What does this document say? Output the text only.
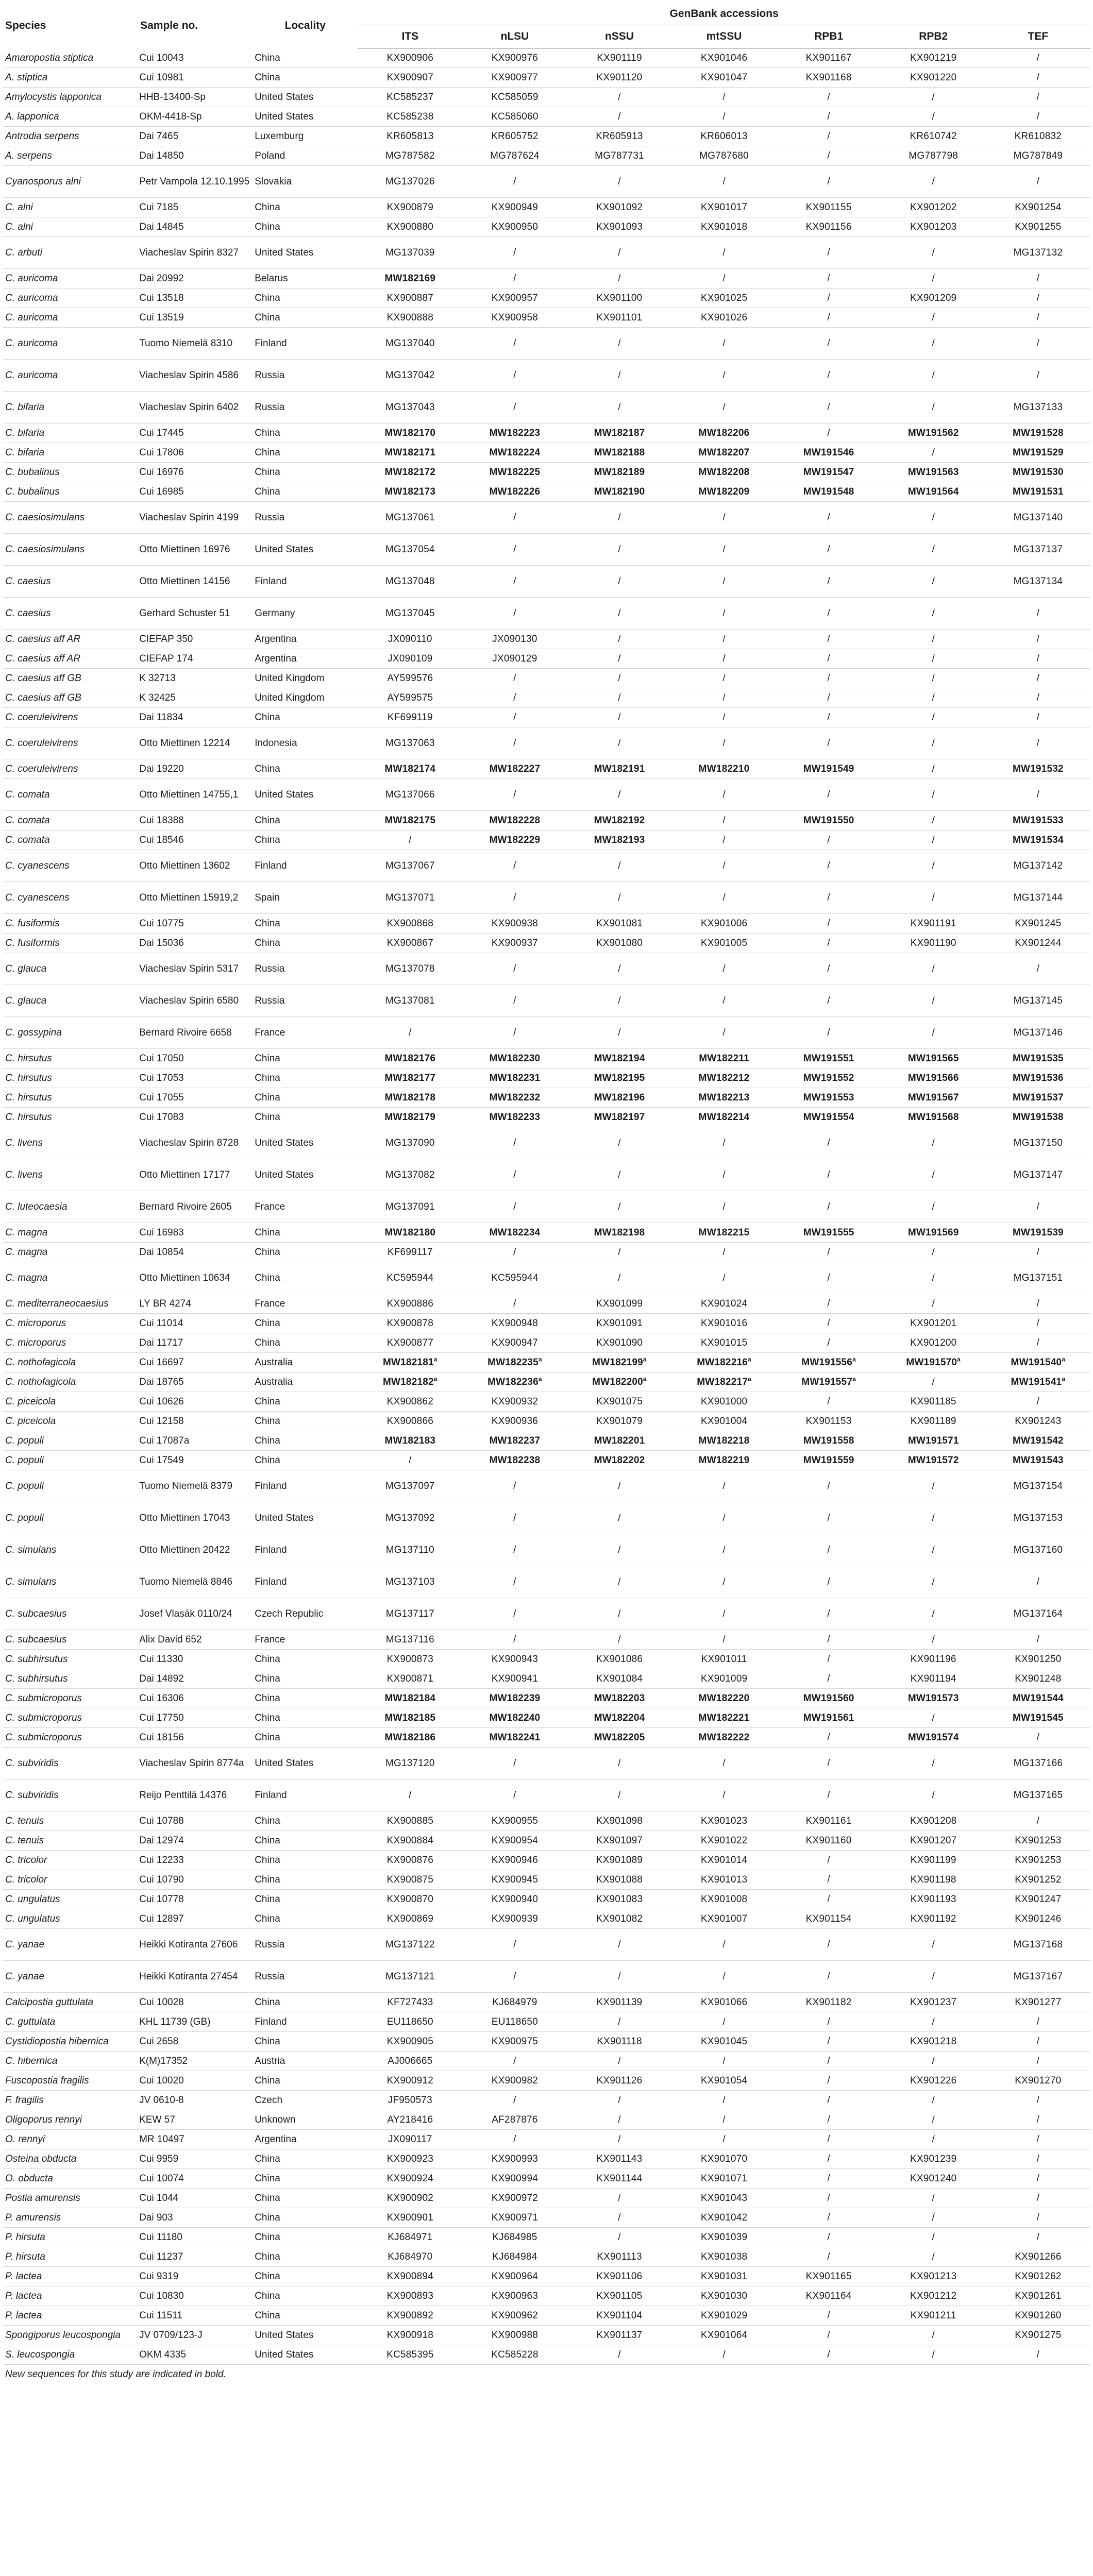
Species	Sample no.	Locality	GenBank accessions						
			ITS	nLSU	nSSU	mtSSU	RPB1	RPB2	TEF
Amaropostia stiptica	Cui 10043	China	KX900906	KX900976	KX901119	KX901046	KX901167	KX901219	/
A. stiptica	Cui 10981	China	KX900907	KX900977	KX901120	KX901047	KX901168	KX901220	/
Amylocystis lapponica	HHB-13400-Sp	United States	KC585237	KC585059	/	/	/	/	/
A. lapponica	OKM-4418-Sp	United States	KC585238	KC585060	/	/	/	/	/
Antrodia serpens	Dai 7465	Luxemburg	KR605813	KR605752	KR605913	KR606013	/	KR610742	KR610832
A. serpens	Dai 14850	Poland	MG787582	MG787624	MG787731	MG787680	/	MG787798	MG787849
Cyanosporus alni	Petr Vampola 12.10.1995	Slovakia	MG137026	/	/	/	/	/	/
C. alni	Cui 7185	China	KX900879	KX900949	KX901092	KX901017	KX901155	KX901202	KX901254
C. alni	Dai 14845	China	KX900880	KX900950	KX901093	KX901018	KX901156	KX901203	KX901255
C. arbuti	Viacheslav Spirin 8327	United States	MG137039	/	/	/	/	/	MG137132
C. auricoma	Dai 20992	Belarus	MW182169	/	/	/	/	/	/
C. auricoma	Cui 13518	China	KX900887	KX900957	KX901100	KX901025	/	KX901209	/
C. auricoma	Cui 13519	China	KX900888	KX900958	KX901101	KX901026	/	/	/
C. auricoma	Tuomo Niemelä 8310	Finland	MG137040	/	/	/	/	/	/
C. auricoma	Viacheslav Spirin 4586	Russia	MG137042	/	/	/	/	/	/
C. bifaria	Viacheslav Spirin 6402	Russia	MG137043	/	/	/	/	/	MG137133
C. bifaria	Cui 17445	China	MW182170	MW182223	MW182187	MW182206	/	MW191562	MW191528
C. bifaria	Cui 17806	China	MW182171	MW182224	MW182188	MW182207	MW191546	/	MW191529
C. bubalinus	Cui 16976	China	MW182172	MW182225	MW182189	MW182208	MW191547	MW191563	MW191530
C. bubalinus	Cui 16985	China	MW182173	MW182226	MW182190	MW182209	MW191548	MW191564	MW191531
C. caesiosimulans	Viacheslav Spirin 4199	Russia	MG137061	/	/	/	/	/	MG137140
C. caesiosimulans	Otto Miettinen 16976	United States	MG137054	/	/	/	/	/	MG137137
C. caesius	Otto Miettinen 14156	Finland	MG137048	/	/	/	/	/	MG137134
C. caesius	Gerhard Schuster 51	Germany	MG137045	/	/	/	/	/	/
C. caesius aff AR	CIEFAP 350	Argentina	JX090110	JX090130	/	/	/	/	/
C. caesius aff AR	CIEFAP 174	Argentina	JX090109	JX090129	/	/	/	/	/
C. caesius aff GB	K 32713	United Kingdom	AY599576	/	/	/	/	/	/
C. caesius aff GB	K 32425	United Kingdom	AY599575	/	/	/	/	/	/
C. coeruleivirens	Dai 11834	China	KF699119	/	/	/	/	/	/
C. coeruleivirens	Otto Miettinen 12214	Indonesia	MG137063	/	/	/	/	/	/
C. coeruleivirens	Dai 19220	China	MW182174	MW182227	MW182191	MW182210	MW191549	/	MW191532
C. comata	Otto Miettinen 14755,1	United States	MG137066	/	/	/	/	/	/
C. comata	Cui 18388	China	MW182175	MW182228	MW182192	/	MW191550	/	MW191533
C. comata	Cui 18546	China	/	MW182229	MW182193	/	/	/	MW191534
C. cyanescens	Otto Miettinen 13602	Finland	MG137067	/	/	/	/	/	MG137142
C. cyanescens	Otto Miettinen 15919,2	Spain	MG137071	/	/	/	/	/	MG137144
C. fusiformis	Cui 10775	China	KX900868	KX900938	KX901081	KX901006	/	KX901191	KX901245
C. fusiformis	Dai 15036	China	KX900867	KX900937	KX901080	KX901005	/	KX901190	KX901244
C. glauca	Viacheslav Spirin 5317	Russia	MG137078	/	/	/	/	/	/
C. glauca	Viacheslav Spirin 6580	Russia	MG137081	/	/	/	/	/	MG137145
C. gossypina	Bernard Rivoire 6658	France	/	/	/	/	/	/	MG137146
C. hirsutus	Cui 17050	China	MW182176	MW182230	MW182194	MW182211	MW191551	MW191565	MW191535
C. hirsutus	Cui 17053	China	MW182177	MW182231	MW182195	MW182212	MW191552	MW191566	MW191536
C. hirsutus	Cui 17055	China	MW182178	MW182232	MW182196	MW182213	MW191553	MW191567	MW191537
C. hirsutus	Cui 17083	China	MW182179	MW182233	MW182197	MW182214	MW191554	MW191568	MW191538
C. livens	Viacheslav Spirin 8728	United States	MG137090	/	/	/	/	/	MG137150
C. livens	Otto Miettinen 17177	United States	MG137082	/	/	/	/	/	MG137147
C. luteocaesia	Bernard Rivoire 2605	France	MG137091	/	/	/	/	/	/
C. magna	Cui 16983	China	MW182180	MW182234	MW182198	MW182215	MW191555	MW191569	MW191539
C. magna	Dai 10854	China	KF699117	/	/	/	/	/	/
C. magna	Otto Miettinen 10634	China	KC595944	KC595944	/	/	/	/	MG137151
C. mediterraneocaesius	LY BR 4274	France	KX900886	/	KX901099	KX901024	/	/	/
C. microporus	Cui 11014	China	KX900878	KX900948	KX901091	KX901016	/	KX901201	/
C. microporus	Dai 11717	China	KX900877	KX900947	KX901090	KX901015	/	KX901200	/
C. nothofagicola	Cui 16697	Australia	MW182181$^a$	MW182235$^a$	MW182199$^a$	MW182216$^a$	MW191556$^a$	MW191570$^a$	MW191540$^a$
C. nothofagicola	Dai 18765	Australia	MW182182$^a$	MW182236$^a$	MW182200$^a$	MW182217$^a$	MW191557$^a$	/	MW191541$^a$
C. piceicola	Cui 10626	China	KX900862	KX900932	KX901075	KX901000	/	KX901185	/
C. piceicola	Cui 12158	China	KX900866	KX900936	KX901079	KX901004	KX901153	KX901189	KX901243
C. populi	Cui 17087a	China	MW182183	MW182237	MW182201	MW182218	MW191558	MW191571	MW191542
C. populi	Cui 17549	China	/	MW182238	MW182202	MW182219	MW191559	MW191572	MW191543
C. populi	Tuomo Niemelä 8379	Finland	MG137097	/	/	/	/	/	MG137154
C. populi	Otto Miettinen 17043	United States	MG137092	/	/	/	/	/	MG137153
C. simulans	Otto Miettinen 20422	Finland	MG137110	/	/	/	/	/	MG137160
C. simulans	Tuomo Niemelä 8846	Finland	MG137103	/	/	/	/	/	/
C. subcaesius	Josef Vlasák 0110/24	Czech Republic	MG137117	/	/	/	/	/	MG137164
C. subcaesius	Alix David 652	France	MG137116	/	/	/	/	/	/
C. subhirsutus	Cui 11330	China	KX900873	KX900943	KX901086	KX901011	/	KX901196	KX901250
C. subhirsutus	Dai 14892	China	KX900871	KX900941	KX901084	KX901009	/	KX901194	KX901248
C. submicroporus	Cui 16306	China	MW182184	MW182239	MW182203	MW182220	MW191560	MW191573	MW191544
C. submicroporus	Cui 17750	China	MW182185	MW182240	MW182204	MW182221	MW191561	/	MW191545
C. submicroporus	Cui 18156	China	MW182186	MW182241	MW182205	MW182222	/	MW191574	/
C. subviridis	Viacheslav Spirin 8774a	United States	MG137120	/	/	/	/	/	MG137166
C. subviridis	Reijo Penttilä 14376	Finland	/	/	/	/	/	/	MG137165
C. tenuis	Cui 10788	China	KX900885	KX900955	KX901098	KX901023	KX901161	KX901208	/
C. tenuis	Dai 12974	China	KX900884	KX900954	KX901097	KX901022	KX901160	KX901207	KX901253
C. tricolor	Cui 12233	China	KX900876	KX900946	KX901089	KX901014	/	KX901199	KX901253
C. tricolor	Cui 10790	China	KX900875	KX900945	KX901088	KX901013	/	KX901198	KX901252
C. ungulatus	Cui 10778	China	KX900870	KX900940	KX901083	KX901008	/	KX901193	KX901247
C. ungulatus	Cui 12897	China	KX900869	KX900939	KX901082	KX901007	KX901154	KX901192	KX901246
C. yanae	Heikki Kotiranta 27606	Russia	MG137122	/	/	/	/	/	MG137168
C. yanae	Heikki Kotiranta 27454	Russia	MG137121	/	/	/	/	/	MG137167
Calcipostia guttulata	Cui 10028	China	KF727433	KJ684979	KX901139	KX901066	KX901182	KX901237	KX901277
C. guttulata	KHL 11739 (GB)	Finland	EU118650	EU118650	/	/	/	/	/
Cystidiopostia hibernica	Cui 2658	China	KX900905	KX900975	KX901118	KX901045	/	KX901218	/
C. hibernica	K(M)17352	Austria	AJ006665	/	/	/	/	/	/
Fuscopostia fragilis	Cui 10020	China	KX900912	KX900982	KX901126	KX901054	/	KX901226	KX901270
F. fragilis	JV 0610-8	Czech	JF950573	/	/	/	/	/	/
Oligoporus rennyi	KEW 57	Unknown	AY218416	AF287876	/	/	/	/	/
O. rennyi	MR 10497	Argentina	JX090117	/	/	/	/	/	/
Osteina obducta	Cui 9959	China	KX900923	KX900993	KX901143	KX901070	/	KX901239	/
O. obducta	Cui 10074	China	KX900924	KX900994	KX901144	KX901071	/	KX901240	/
Postia amurensis	Cui 1044	China	KX900902	KX900972	/	KX901043	/	/	/
P. amurensis	Dai 903	China	KX900901	KX900971	/	KX901042	/	/	/
P. hirsuta	Cui 11180	China	KJ684971	KJ684985	/	KX901039	/	/	/
P. hirsuta	Cui 11237	China	KJ684970	KJ684984	KX901113	KX901038	/	/	KX901266
P. lactea	Cui 9319	China	KX900894	KX900964	KX901106	KX901031	KX901165	KX901213	KX901262
P. lactea	Cui 10830	China	KX900893	KX900963	KX901105	KX901030	KX901164	KX901212	KX901261
P. lactea	Cui 11511	China	KX900892	KX900962	KX901104	KX901029	/	KX901211	KX901260
Spongiporus leucospongia	JV 0709/123-J	United States	KX900918	KX900988	KX901137	KX901064	/	/	KX901275
S. leucospongia	OKM 4335	United States	KC585395	KC585228	/	/	/	/	/
New sequences for this study are indicated in bold.
